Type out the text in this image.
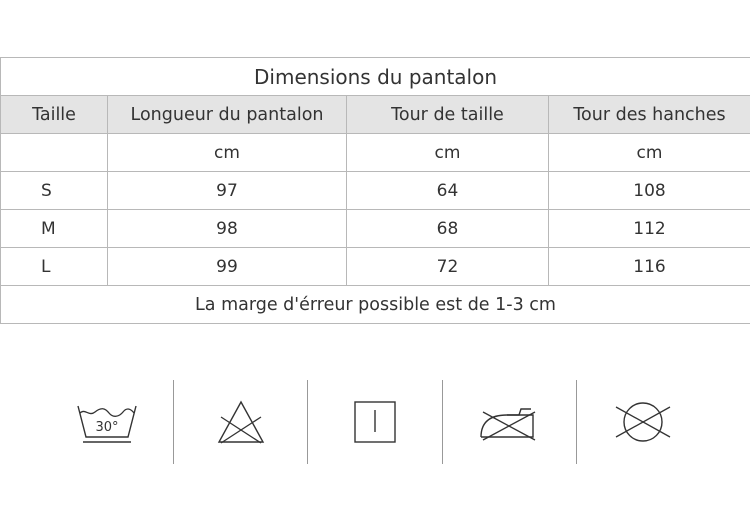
Dimensions du pantalon			
Taille	Longueur du pantalon	Tour de taille	Tour des hanches
	cm	cm	cm
S	97	64	108
M	98	68	112
L	99	72	116
La marge d'érreur possible est de 1-3 cm			
30°
